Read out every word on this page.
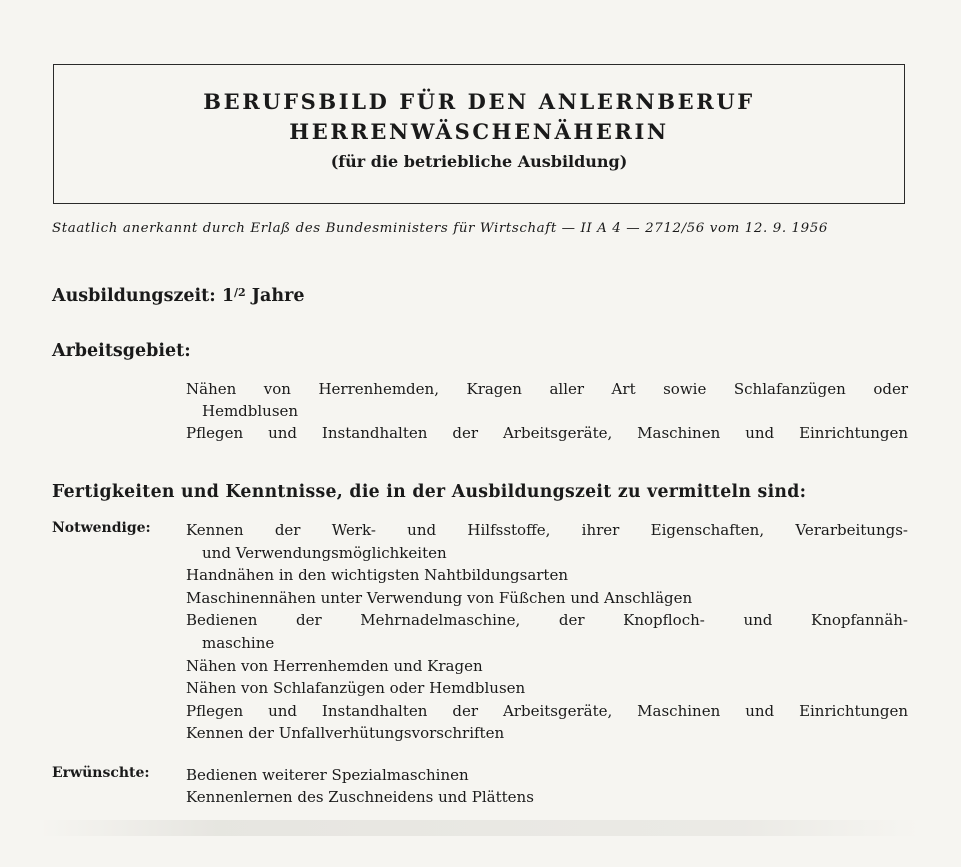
BERUFSBILD FÜR DEN ANLERNBERUF
HERRENWÄSCHENÄHERIN
(für die betriebliche Ausbildung)
Staatlich anerkannt durch Erlaß des Bundesministers für Wirtschaft — II A 4 — 2712/56 vom 12. 9. 1956
Ausbildungszeit: $1^{/2}$ Jahre
Arbeitsgebiet:
Nähen von Herrenhemden, Kragen aller Art sowie Schlafanzügen oder
Hemdblusen
Pflegen und Instandhalten der Arbeitsgeräte, Maschinen und Einrichtungen
Fertigkeiten und Kenntnisse, die in der Ausbildungszeit zu vermitteln sind:
Notwendige: Kennen der Werk- und Hilfsstoffe, ihrer Eigenschaften, Verarbeitungs-
und Verwendungsmöglichkeiten
Handnähen in den wichtigsten Nahtbildungsarten
Maschinennähen unter Verwendung von Füßchen und Anschlägen
Bedienen der Mehrnadelmaschine, der Knopfloch- und Knopfannäh-
maschine
Nähen von Herrenhemden und Kragen
Nähen von Schlafanzügen oder Hemdblusen
Pflegen und Instandhalten der Arbeitsgeräte, Maschinen und Einrichtungen
Kennen der Unfallverhütungsvorschriften
Erwünschte: Bedienen weiterer Spezialmaschinen
Kennenlernen des Zuschneidens und Plättens
